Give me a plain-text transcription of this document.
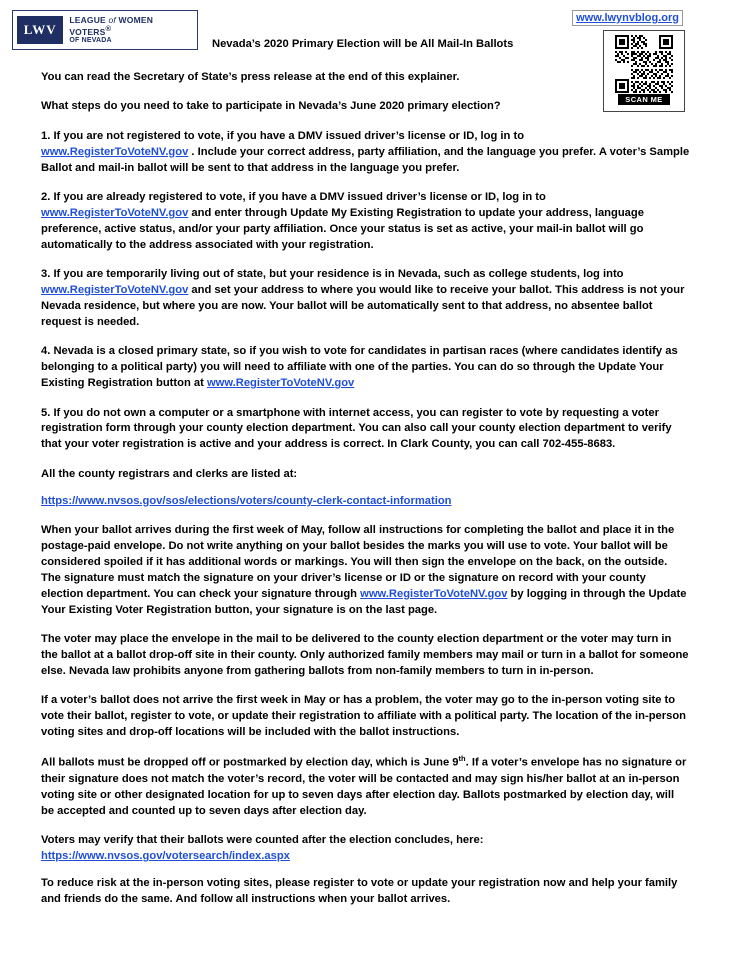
LWV
LEAGUE of WOMEN VOTERS®
OF NEVADA	Nevada’s 2020 Primary Election will be All Mail-In Ballots
www.lwynvblog.org
SCAN ME

You can read the Secretary of State’s press release at the end of this explainer.

What steps do you need to take to participate in Nevada’s June 2020 primary election?

1. If you are not registered to vote, if you have a DMV issued driver’s license or ID, log in to
www.RegisterToVoteNV.gov . Include your correct address, party affiliation, and the language you prefer. A voter’s Sample Ballot and mail-in ballot will be sent to that address in the language you prefer.

2. If you are already registered to vote, if you have a DMV issued driver’s license or ID, log in to
www.RegisterToVoteNV.gov and enter through Update My Existing Registration to update your address, language preference, active status, and/or your party affiliation. Once your status is set as active, your mail-in ballot will go automatically to the address associated with your registration.

3. If you are temporarily living out of state, but your residence is in Nevada, such as college students, log into
www.RegisterToVoteNV.gov and set your address to where you would like to receive your ballot. This address is not your Nevada residence, but where you are now. Your ballot will be automatically sent to that address, no absentee ballot request is needed.

4. Nevada is a closed primary state, so if you wish to vote for candidates in partisan races (where candidates identify as belonging to a political party) you will need to affiliate with one of the parties. You can do so through the Update Your Existing Registration button at www.RegisterToVoteNV.gov

5. If you do not own a computer or a smartphone with internet access, you can register to vote by requesting a voter registration form through your county election department. You can also call your county election department to verify that your voter registration is active and your address is correct. In Clark County, you can call 702-455-8683.

All the county registrars and clerks are listed at:

https://www.nvsos.gov/sos/elections/voters/county-clerk-contact-information

When your ballot arrives during the first week of May, follow all instructions for completing the ballot and place it in the postage-paid envelope. Do not write anything on your ballot besides the marks you will use to vote. Your ballot will be considered spoiled if it has additional words or markings. You will then sign the envelope on the back, on the outside. The signature must match the signature on your driver’s license or ID or the signature on record with your county election department. You can check your signature through www.RegisterToVoteNV.gov by logging in through the Update Your Existing Voter Registration button, your signature is on the last page.

The voter may place the envelope in the mail to be delivered to the county election department or the voter may turn in the ballot at a ballot drop-off site in their county. Only authorized family members may mail or turn in a ballot for someone else. Nevada law prohibits anyone from gathering ballots from non-family members to turn in in-person.

If a voter’s ballot does not arrive the first week in May or has a problem, the voter may go to the in-person voting site to vote their ballot, register to vote, or update their registration to affiliate with a political party. The location of the in-person voting sites and drop-off locations will be included with the ballot instructions.

All ballots must be dropped off or postmarked by election day, which is June 9th. If a voter’s envelope has no signature or their signature does not match the voter’s record, the voter will be contacted and may sign his/her ballot at an in-person voting site or other designated location for up to seven days after election day. Ballots postmarked by election day, will be accepted and counted up to seven days after election day.

Voters may verify that their ballots were counted after the election concludes, here:
https://www.nvsos.gov/votersearch/index.aspx

To reduce risk at the in-person voting sites, please register to vote or update your registration now and help your family and friends do the same. And follow all instructions when your ballot arrives.
